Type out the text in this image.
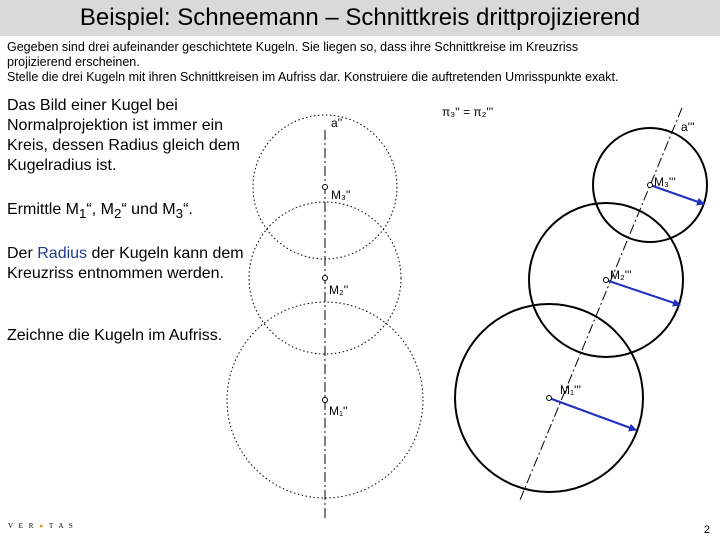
Beispiel: Schneemann – Schnittkreis drittprojizierend
Gegeben sind drei aufeinander geschichtete Kugeln. Sie liegen so, dass ihre Schnittkreise im Kreuzriss
projizierend erscheinen.
Stelle die drei Kugeln mit ihren Schnittkreisen im Aufriss dar. Konstruiere die auftretenden Umrisspunkte exakt.
a''	a'''
π₃'' = π₂'''
M₃''
M₂''
M₁''
M₃'''
M₂'''
M₁'''
Das Bild einer Kugel bei Normalprojektion ist immer ein Kreis, dessen Radius gleich dem Kugelradius ist.
Ermittle $M_1“$, $M_2“$ und $M_3“$.
Der Radius der Kugeln kann dem Kreuzriss entnommen werden.
Zeichne die Kugeln im Aufriss.
V E R ● T A S	2
